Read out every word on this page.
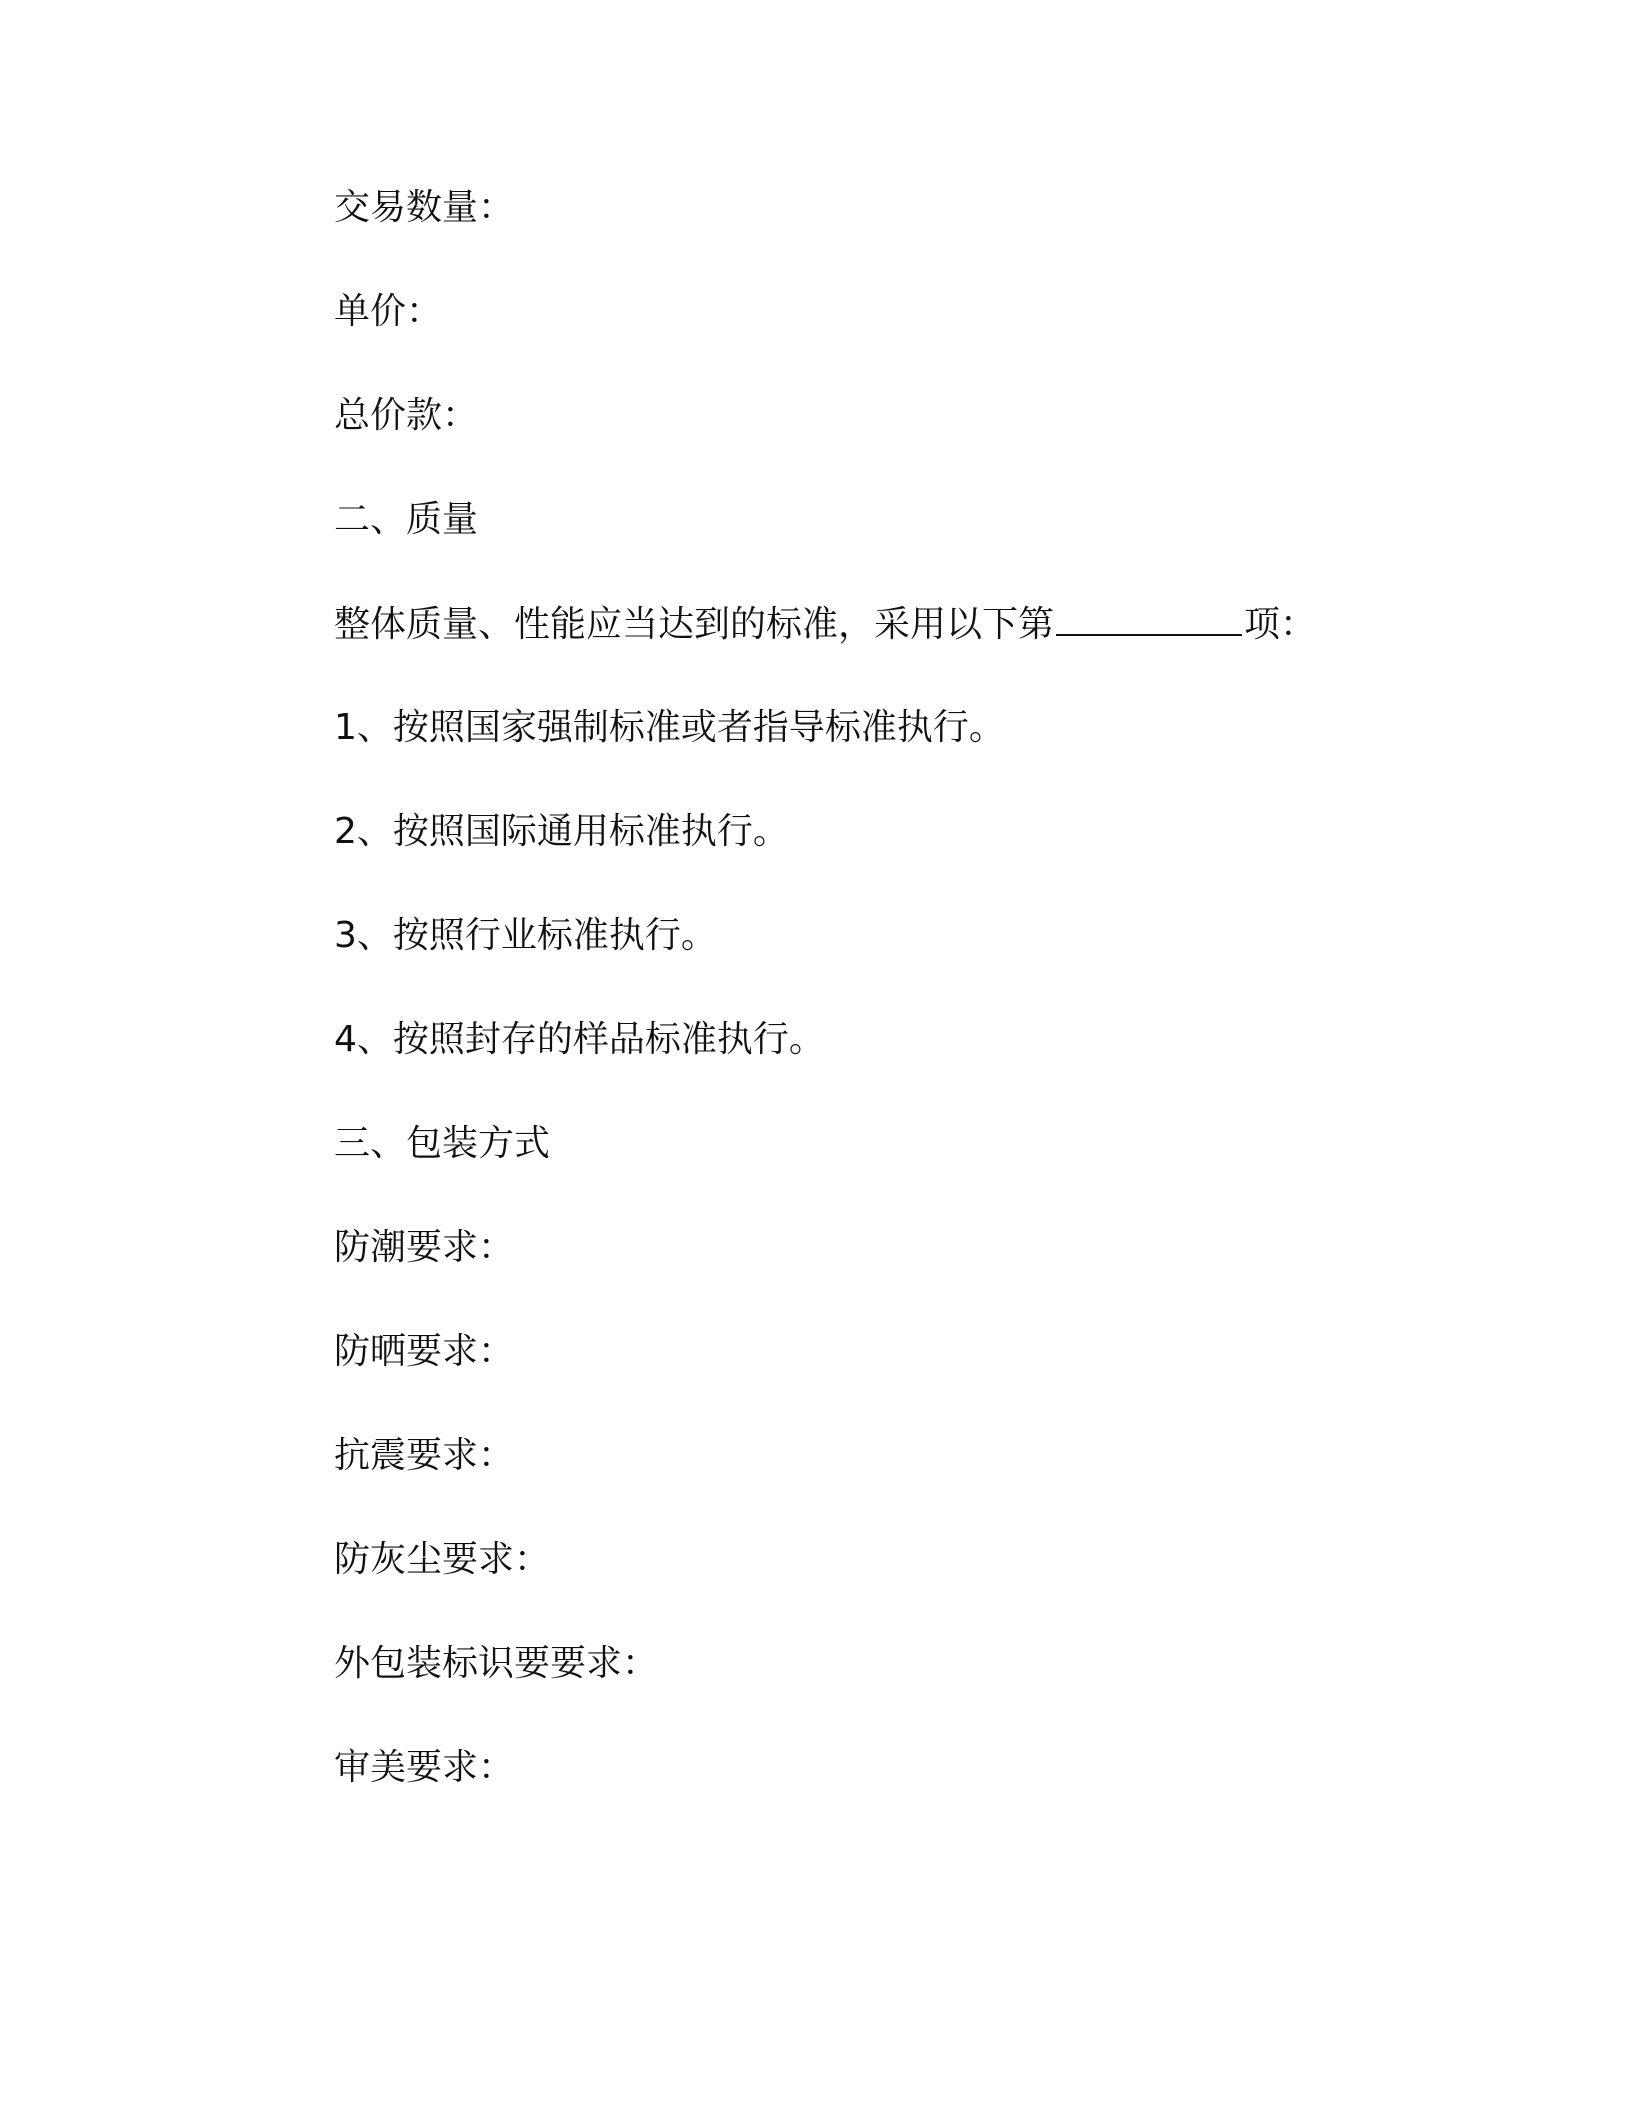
交易数量：
单价：
总价款：
二、质量
整体质量、性能应当达到的标准，采用以下第	项：
1、按照国家强制标准或者指导标准执行。
2、按照国际通用标准执行。
3、按照行业标准执行。
4、按照封存的样品标准执行。
三、包装方式
防潮要求：
防晒要求：
抗震要求：
防灰尘要求：
外包装标识要要求：
审美要求：
